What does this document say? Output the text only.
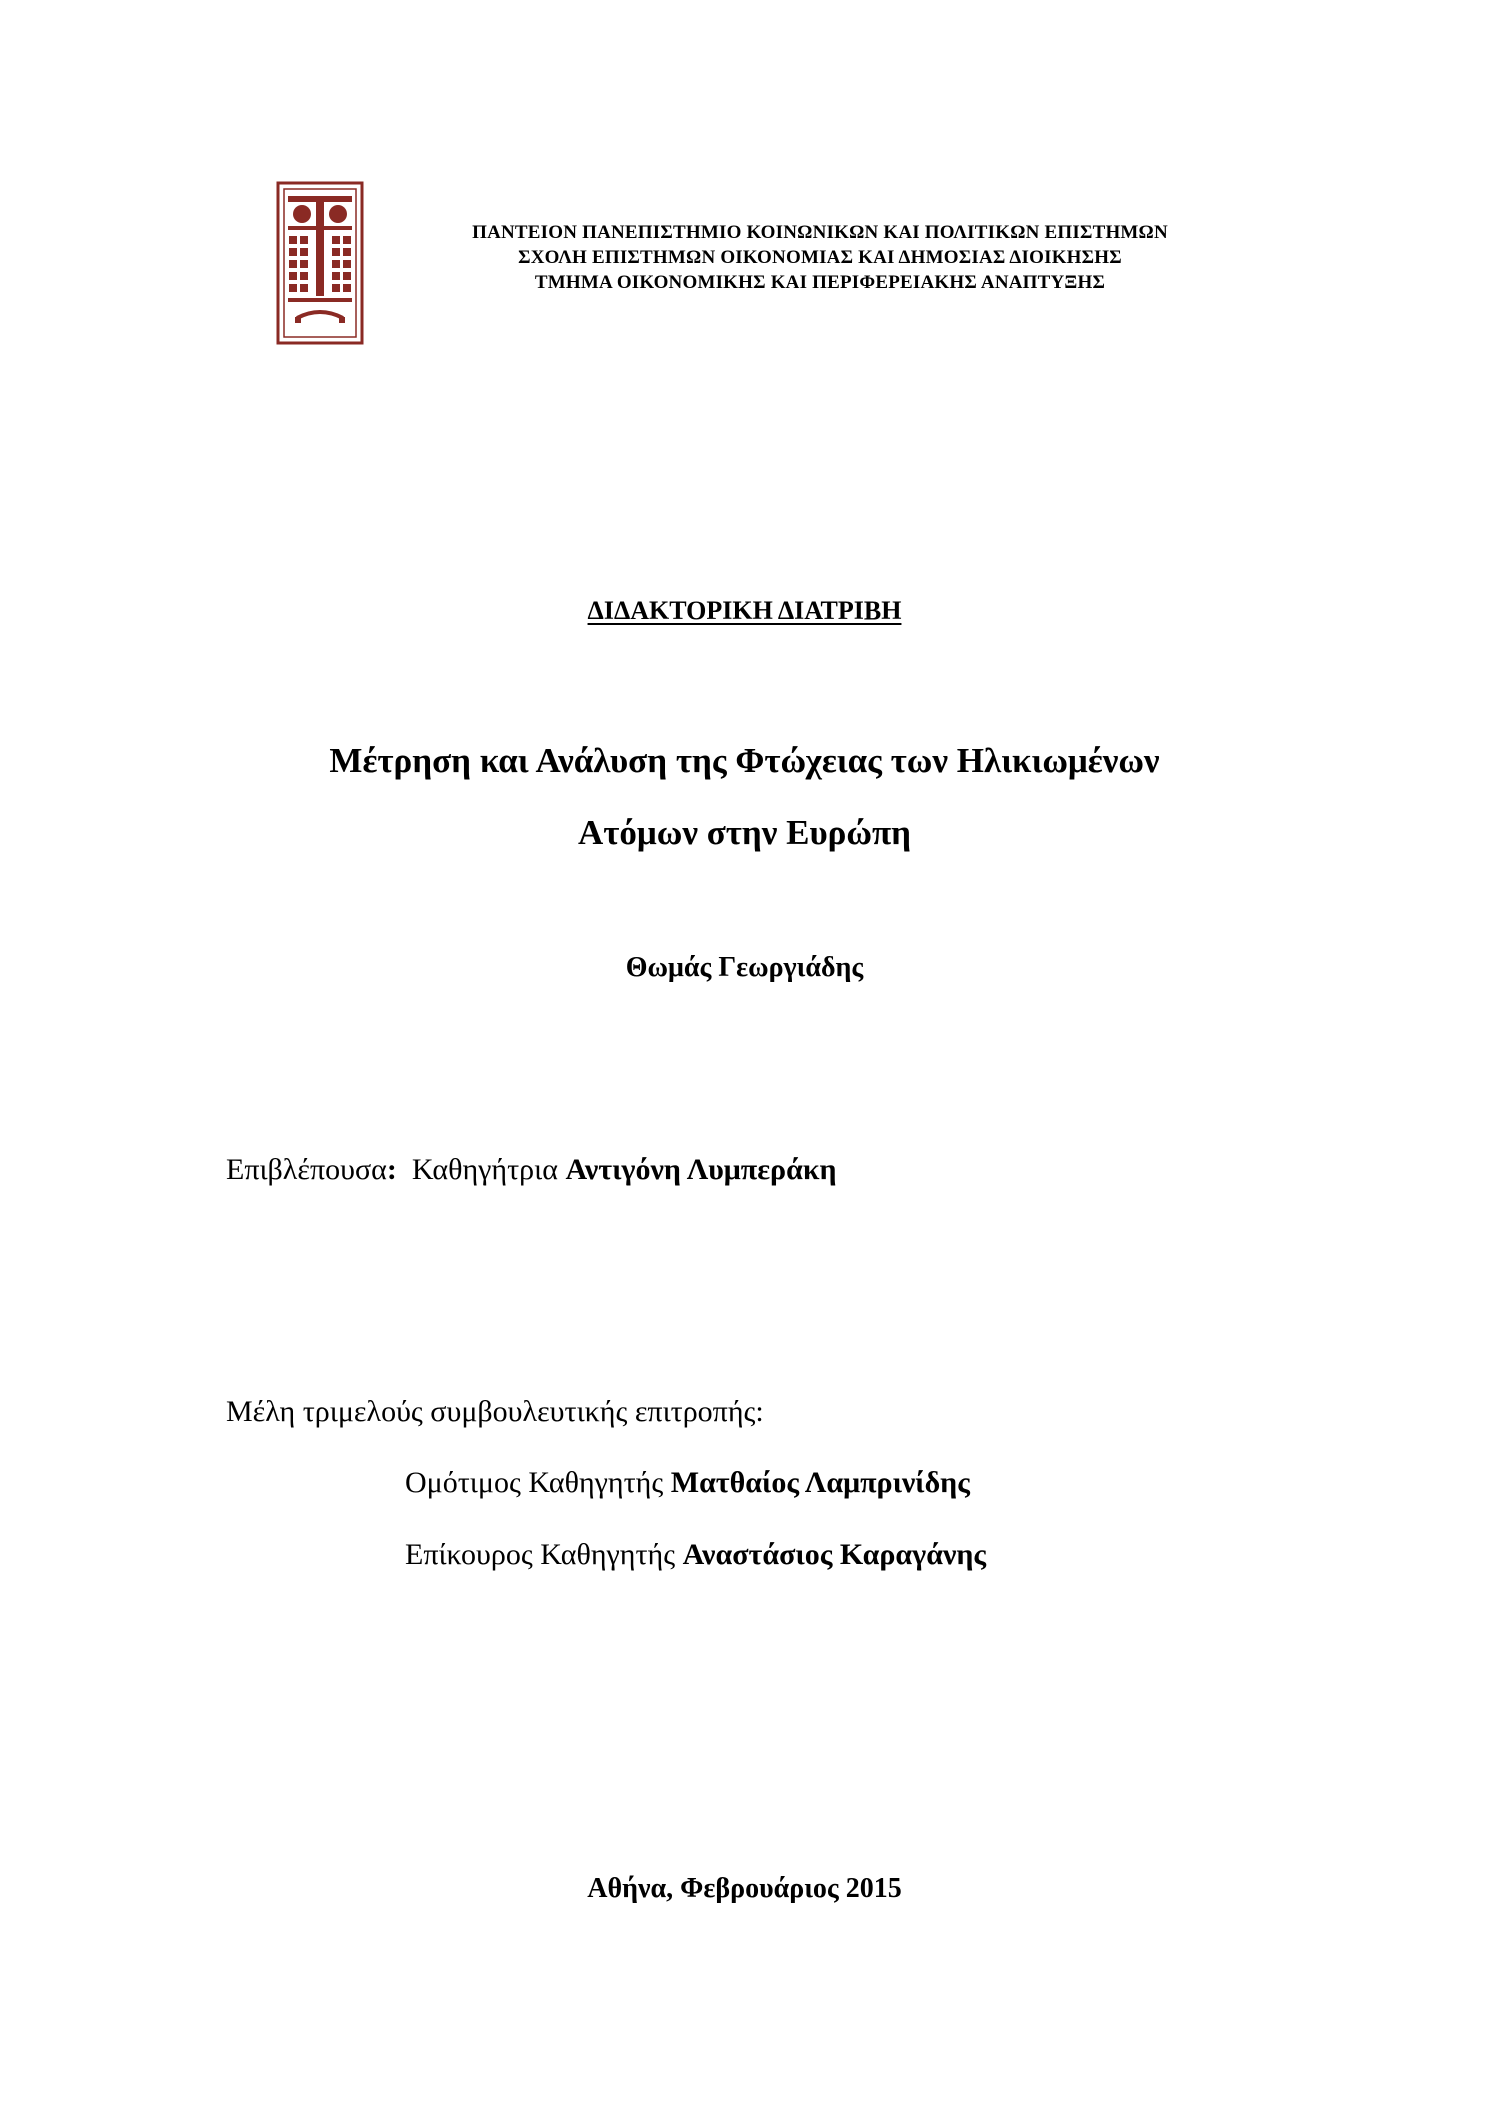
ΠΑΝΤΕΙΟΝ ΠΑΝΕΠΙΣΤΗΜΙΟ ΚΟΙΝΩΝΙΚΩΝ ΚΑΙ ΠΟΛΙΤΙΚΩΝ ΕΠΙΣΤΗΜΩΝ
ΣΧΟΛΗ ΕΠΙΣΤΗΜΩΝ ΟΙΚΟΝΟΜΙΑΣ ΚΑΙ ΔΗΜΟΣΙΑΣ ΔΙΟΙΚΗΣΗΣ
ΤΜΗΜΑ ΟΙΚΟΝΟΜΙΚΗΣ ΚΑΙ ΠΕΡΙΦΕΡΕΙΑΚΗΣ ΑΝΑΠΤΥΞΗΣ
ΔΙΔΑΚΤΟΡΙΚΗ ΔΙΑΤΡΙΒΗ
Μέτρηση και Ανάλυση της Φτώχειας των Ηλικιωμένων
Ατόμων στην Ευρώπη
Θωμάς Γεωργιάδης
Επιβλέπουσα: Καθηγήτρια Αντιγόνη Λυμπεράκη
Μέλη τριμελούς συμβουλευτικής επιτροπής:
Ομότιμος Καθηγητής Ματθαίος Λαμπρινίδης
Επίκουρος Καθηγητής Αναστάσιος Καραγάνης
Αθήνα, Φεβρουάριος 2015
